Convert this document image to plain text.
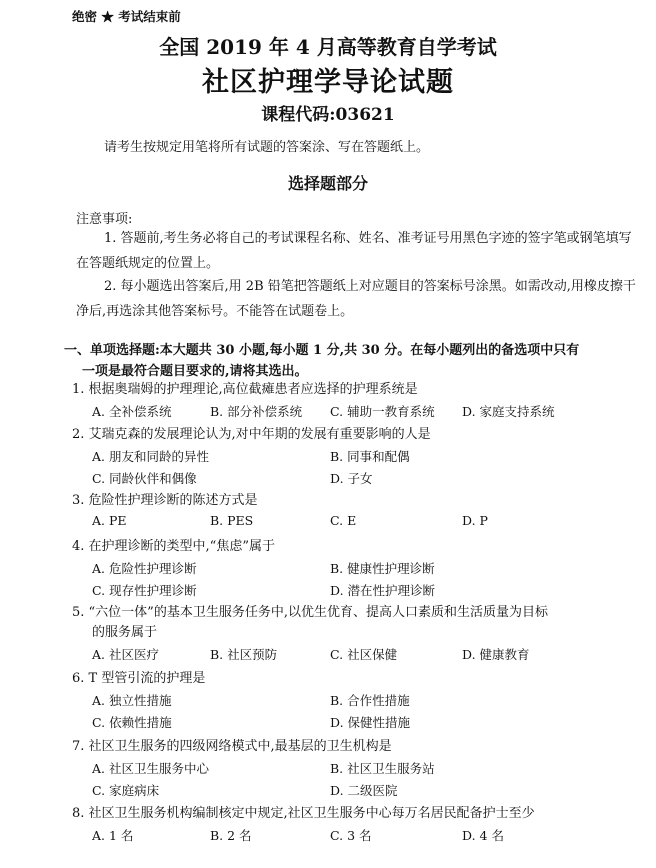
绝密 ★ 考试结束前
全国 2019 年 4 月高等教育自学考试
社区护理学导论试题
课程代码:03621
请考生按规定用笔将所有试题的答案涂、写在答题纸上。
选择题部分
注意事项:
1. 答题前,考生务必将自己的考试课程名称、姓名、准考证号用黑色字迹的签字笔或钢笔填写在答题纸规定的位置上。
2. 每小题选出答案后,用 2B 铅笔把答题纸上对应题目的答案标号涂黑。如需改动,用橡皮擦干净后,再选涂其他答案标号。不能答在试题卷上。
一、单项选择题:本大题共 30 小题,每小题 1 分,共 30 分。在每小题列出的备选项中只有
一项是最符合题目要求的,请将其选出。
1. 根据奥瑞姆的护理理论,高位截瘫患者应选择的护理系统是
A. 全补偿系统	B. 部分补偿系统 C. 辅助一教育系统 D. 家庭支持系统
2. 艾瑞克森的发展理论认为,对中年期的发展有重要影响的人是
A. 朋友和同龄的异性	B. 同事和配偶
C. 同龄伙伴和偶像	D. 子女
3. 危险性护理诊断的陈述方式是
A. PE	B. PES	C. E	D. P
4. 在护理诊断的类型中,“焦虑”属于
A. 危险性护理诊断	B. 健康性护理诊断
C. 现存性护理诊断	D. 潜在性护理诊断
5. “六位一体”的基本卫生服务任务中,以优生优育、提高人口素质和生活质量为目标
的服务属于
A. 社区医疗	B. 社区预防	C. 社区保健	D. 健康教育
6. T 型管引流的护理是
A. 独立性措施	B. 合作性措施
C. 依赖性措施	D. 保健性措施
7. 社区卫生服务的四级网络模式中,最基层的卫生机构是
A. 社区卫生服务中心	B. 社区卫生服务站
C. 家庭病床	D. 二级医院
8. 社区卫生服务机构编制核定中规定,社区卫生服务中心每万名居民配备护士至少
A. 1 名	B. 2 名	C. 3 名	D. 4 名
